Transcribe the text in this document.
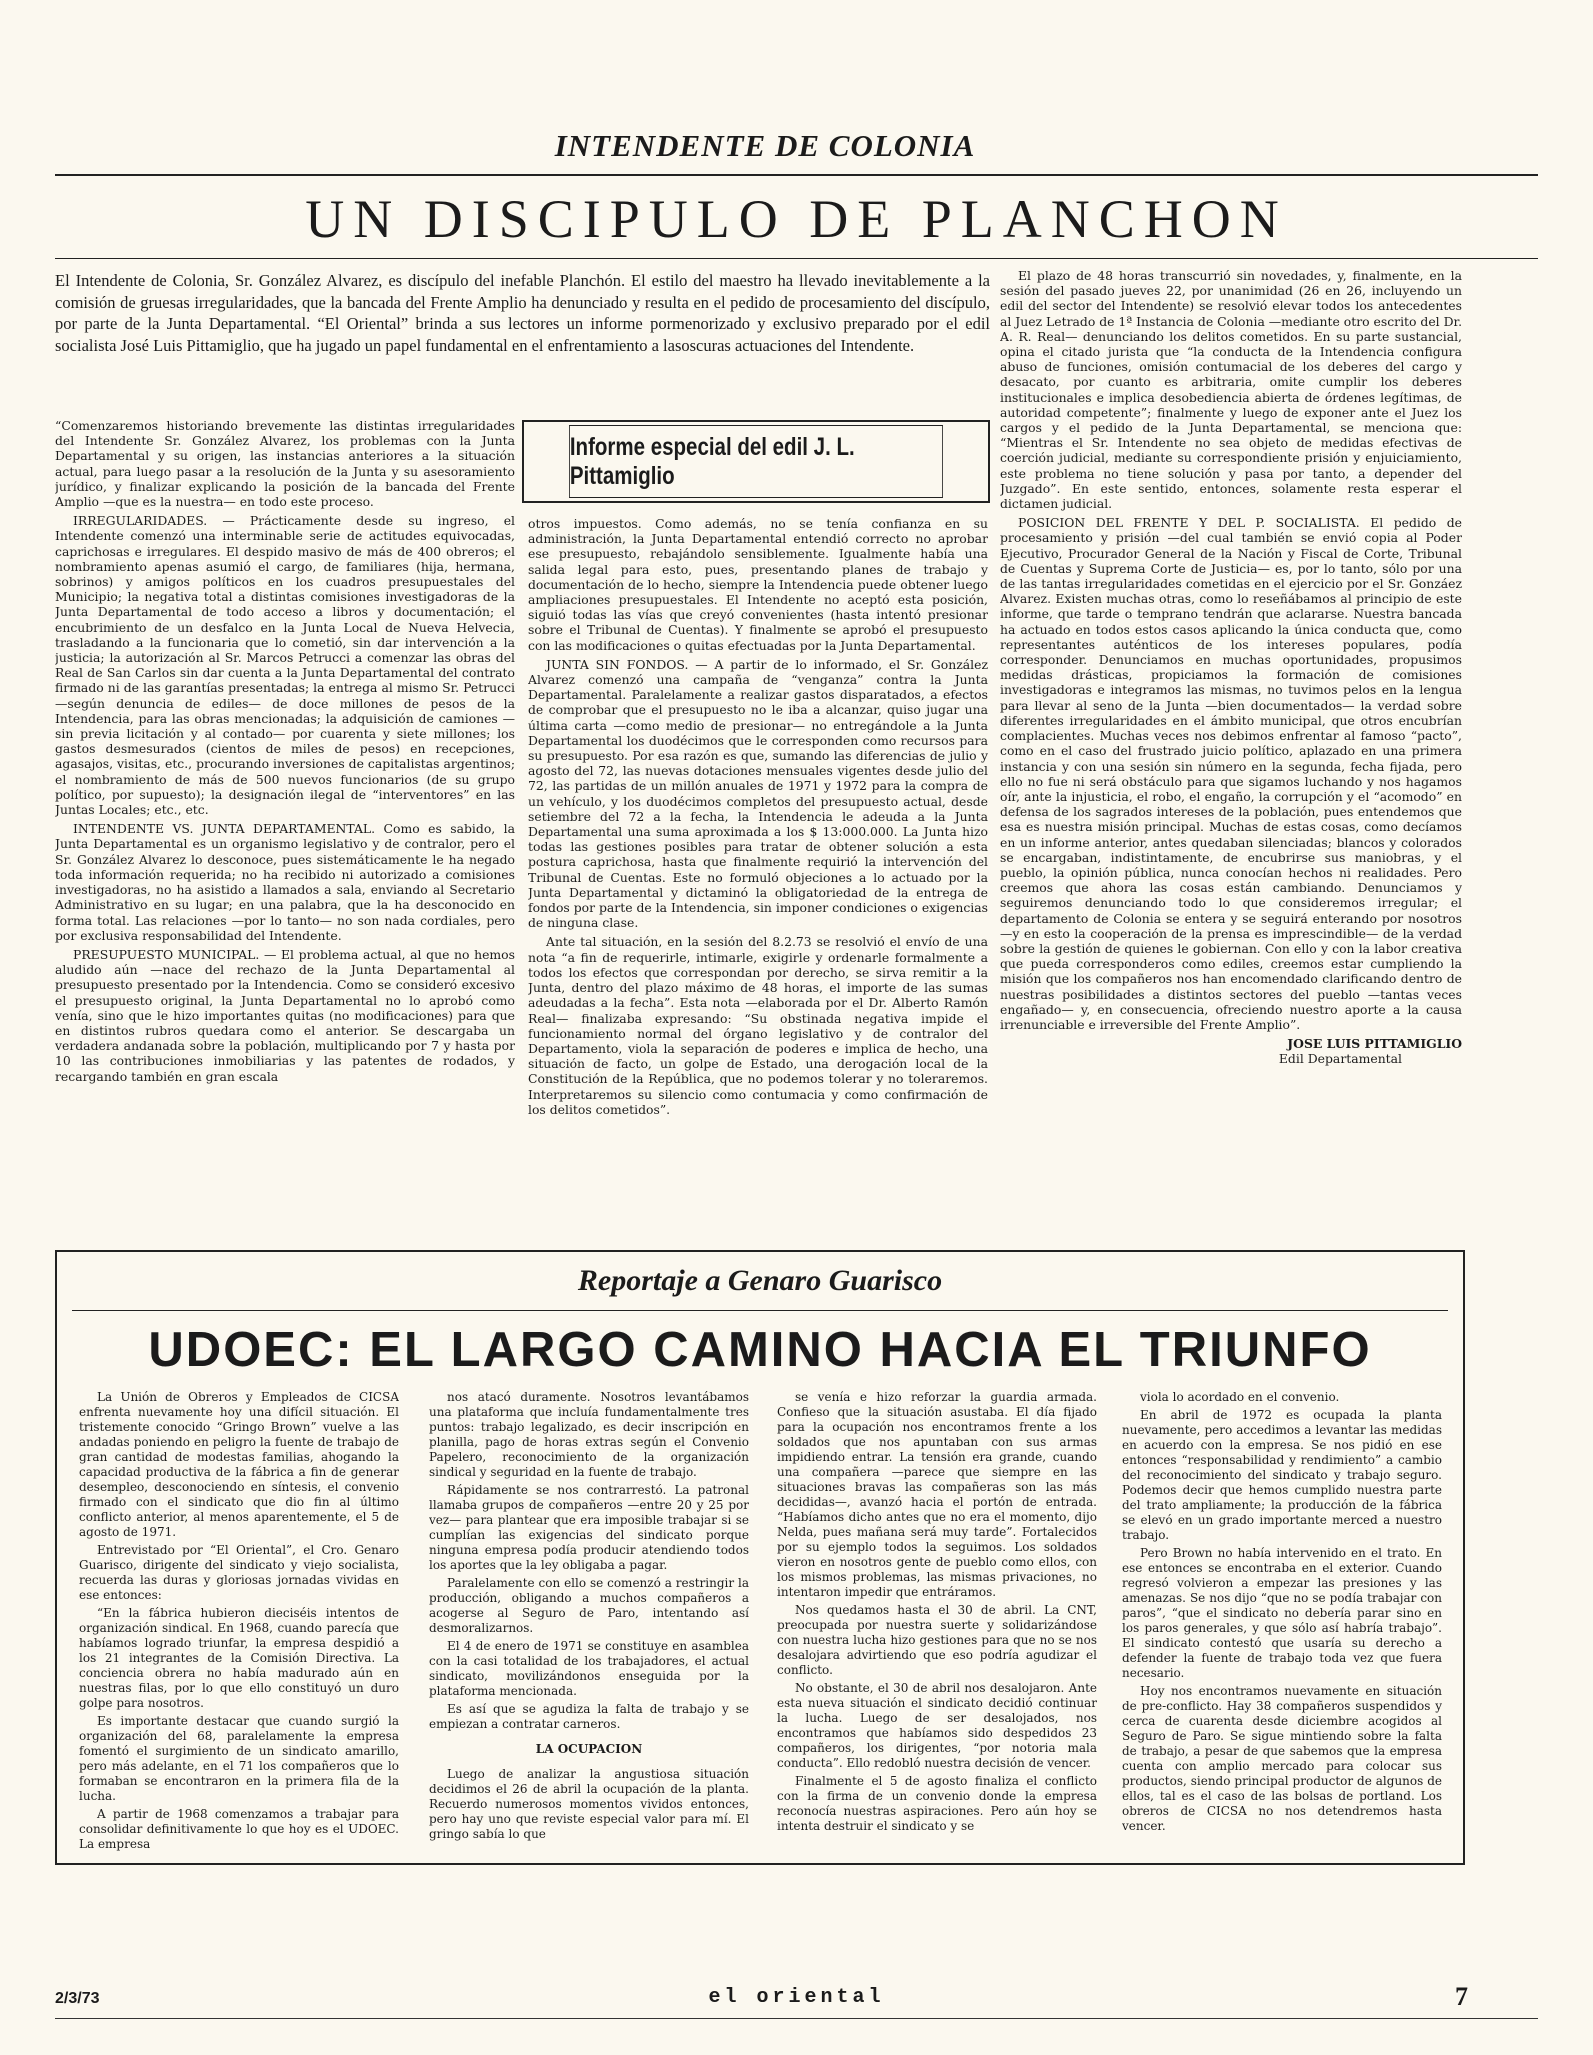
INTENDENTE DE COLONIA
UN DISCIPULO DE PLANCHON
El Intendente de Colonia, Sr. González Alvarez, es discípulo del inefable Planchón. El estilo del maestro ha llevado inevitablemente a la comisión de gruesas irregularidades, que la bancada del Frente Amplio ha denunciado y resulta en el pedido de procesamiento del discípulo, por parte de la Junta Departamental. “El Oriental” brinda a sus lectores un informe pormenorizado y exclusivo preparado por el edil socialista José Luis Pittamiglio, que ha jugado un papel fundamental en el enfrentamiento a lasoscuras actuaciones del Intendente.
Informe especial del edil J. L. Pittamiglio

“Comenzaremos historiando brevemente las distintas irregularidades del Intendente Sr. González Alvarez, los problemas con la Junta Departamental y su origen, las instancias anteriores a la situación actual, para luego pasar a la resolución de la Junta y su asesoramiento jurídico, y finalizar explicando la posición de la bancada del Frente Amplio —que es la nuestra— en todo este proceso.

IRREGULARIDADES. — Prácticamente desde su ingreso, el Intendente comenzó una interminable serie de actitudes equivocadas, caprichosas e irregulares. El despido masivo de más de 400 obreros; el nombramiento apenas asumió el cargo, de familiares (hija, hermana, sobrinos) y amigos políticos en los cuadros presupuestales del Municipio; la negativa total a distintas comisiones investigadoras de la Junta Departamental de todo acceso a libros y documentación; el encubrimiento de un desfalco en la Junta Local de Nueva Helvecia, trasladando a la funcionaria que lo cometió, sin dar intervención a la justicia; la autorización al Sr. Marcos Petrucci a comenzar las obras del Real de San Carlos sin dar cuenta a la Junta Departamental del contrato firmado ni de las garantías presentadas; la entrega al mismo Sr. Petrucci —según denuncia de ediles— de doce millones de pesos de la Intendencia, para las obras mencionadas; la adquisición de camiones —sin previa licitación y al contado— por cuarenta y siete millones; los gastos desmesurados (cientos de miles de pesos) en recepciones, agasajos, visitas, etc., procurando inversiones de capitalistas argentinos; el nombramiento de más de 500 nuevos funcionarios (de su grupo político, por supuesto); la designación ilegal de “interventores” en las Juntas Locales; etc., etc.

INTENDENTE VS. JUNTA DEPARTAMENTAL. Como es sabido, la Junta Departamental es un organismo legislativo y de contralor, pero el Sr. González Alvarez lo desconoce, pues sistemáticamente le ha negado toda información requerida; no ha recibido ni autorizado a comisiones investigadoras, no ha asistido a llamados a sala, enviando al Secretario Administrativo en su lugar; en una palabra, que la ha desconocido en forma total. Las relaciones —por lo tanto— no son nada cordiales, pero por exclusiva responsabilidad del Intendente.

PRESUPUESTO MUNICIPAL. — El problema actual, al que no hemos aludido aún —nace del rechazo de la Junta Departamental al presupuesto presentado por la Intendencia. Como se consideró excesivo el presupuesto original, la Junta Departamental no lo aprobó como venía, sino que le hizo importantes quitas (no modificaciones) para que en distintos rubros quedara como el anterior. Se descargaba un verdadera andanada sobre la población, multiplicando por 7 y hasta por 10 las contribuciones inmobiliarias y las patentes de rodados, y recargando también en gran escala

otros impuestos. Como además, no se tenía confianza en su administración, la Junta Departamental entendió correcto no aprobar ese presupuesto, rebajándolo sensiblemente. Igualmente había una salida legal para esto, pues, presentando planes de trabajo y documentación de lo hecho, siempre la Intendencia puede obtener luego ampliaciones presupuestales. El Intendente no aceptó esta posición, siguió todas las vías que creyó convenientes (hasta intentó presionar sobre el Tribunal de Cuentas). Y finalmente se aprobó el presupuesto con las modificaciones o quitas efectuadas por la Junta Departamental.

JUNTA SIN FONDOS. — A partir de lo informado, el Sr. González Alvarez comenzó una campaña de “venganza” contra la Junta Departamental. Paralelamente a realizar gastos disparatados, a efectos de comprobar que el presupuesto no le iba a alcanzar, quiso jugar una última carta —como medio de presionar— no entregándole a la Junta Departamental los duodécimos que le corresponden como recursos para su presupuesto. Por esa razón es que, sumando las diferencias de julio y agosto del 72, las nuevas dotaciones mensuales vigentes desde julio del 72, las partidas de un millón anuales de 1971 y 1972 para la compra de un vehículo, y los duodécimos completos del presupuesto actual, desde setiembre del 72 a la fecha, la Intendencia le adeuda a la Junta Departamental una suma aproximada a los $ 13:000.000. La Junta hizo todas las gestiones posibles para tratar de obtener solución a esta postura caprichosa, hasta que finalmente requirió la intervención del Tribunal de Cuentas. Este no formuló objeciones a lo actuado por la Junta Departamental y dictaminó la obligatoriedad de la entrega de fondos por parte de la Intendencia, sin imponer condiciones o exigencias de ninguna clase.

Ante tal situación, en la sesión del 8.2.73 se resolvió el envío de una nota “a fin de requerirle, intimarle, exigirle y ordenarle formalmente a todos los efectos que correspondan por derecho, se sirva remitir a la Junta, dentro del plazo máximo de 48 horas, el importe de las sumas adeudadas a la fecha”. Esta nota —elaborada por el Dr. Alberto Ramón Real— finalizaba expresando: “Su obstinada negativa impide el funcionamiento normal del órgano legislativo y de contralor del Departamento, viola la separación de poderes e implica de hecho, una situación de facto, un golpe de Estado, una derogación local de la Constitución de la República, que no podemos tolerar y no toleraremos. Interpretaremos su silencio como contumacia y como confirmación de los delitos cometidos”.

El plazo de 48 horas transcurrió sin novedades, y, finalmente, en la sesión del pasado jueves 22, por unanimidad (26 en 26, incluyendo un edil del sector del Intendente) se resolvió elevar todos los antecedentes al Juez Letrado de 1ª Instancia de Colonia —mediante otro escrito del Dr. A. R. Real— denunciando los delitos cometidos. En su parte sustancial, opina el citado jurista que “la conducta de la Intendencia configura abuso de funciones, omisión contumacial de los deberes del cargo y desacato, por cuanto es arbitraria, omite cumplir los deberes institucionales e implica desobediencia abierta de órdenes legítimas, de autoridad competente”; finalmente y luego de exponer ante el Juez los cargos y el pedido de la Junta Departamental, se menciona que: “Mientras el Sr. Intendente no sea objeto de medidas efectivas de coerción judicial, mediante su correspondiente prisión y enjuiciamiento, este problema no tiene solución y pasa por tanto, a depender del Juzgado”. En este sentido, entonces, solamente resta esperar el dictamen judicial.

POSICION DEL FRENTE Y DEL P. SOCIALISTA. El pedido de procesamiento y prisión —del cual también se envió copia al Poder Ejecutivo, Procurador General de la Nación y Fiscal de Corte, Tribunal de Cuentas y Suprema Corte de Justicia— es, por lo tanto, sólo por una de las tantas irregularidades cometidas en el ejercicio por el Sr. Gonzáez Alvarez. Existen muchas otras, como lo reseñábamos al principio de este informe, que tarde o temprano tendrán que aclararse. Nuestra bancada ha actuado en todos estos casos aplicando la única conducta que, como representantes auténticos de los intereses populares, podía corresponder. Denunciamos en muchas oportunidades, propusimos medidas drásticas, propiciamos la formación de comisiones investigadoras e integramos las mismas, no tuvimos pelos en la lengua para llevar al seno de la Junta —bien documentados— la verdad sobre diferentes irregularidades en el ámbito municipal, que otros encubrían complacientes. Muchas veces nos debimos enfrentar al famoso “pacto”, como en el caso del frustrado juicio político, aplazado en una primera instancia y con una sesión sin número en la segunda, fecha fijada, pero ello no fue ni será obstáculo para que sigamos luchando y nos hagamos oír, ante la injusticia, el robo, el engaño, la corrupción y el “acomodo” en defensa de los sagrados intereses de la población, pues entendemos que esa es nuestra misión principal. Muchas de estas cosas, como decíamos en un informe anterior, antes quedaban silenciadas; blancos y colorados se encargaban, indistintamente, de encubrirse sus maniobras, y el pueblo, la opinión pública, nunca conocían hechos ni realidades. Pero creemos que ahora las cosas están cambiando. Denunciamos y seguiremos denunciando todo lo que consideremos irregular; el departamento de Colonia se entera y se seguirá enterando por nosotros —y en esto la cooperación de la prensa es imprescindible— de la verdad sobre la gestión de quienes le gobiernan. Con ello y con la labor creativa que pueda corresponderos como ediles, creemos estar cumpliendo la misión que los compañeros nos han encomendado clarificando dentro de nuestras posibilidades a distintos sectores del pueblo —tantas veces engañado— y, en consecuencia, ofreciendo nuestro aporte a la causa irrenunciable e irreversible del Frente Amplio”.

JOSE LUIS PITTAMIGLIO

Edil Departamental

Reportaje a Genaro Guarisco
UDOEC: EL LARGO CAMINO HACIA EL TRIUNFO

La Unión de Obreros y Empleados de CICSA enfrenta nuevamente hoy una difícil situación. El tristemente conocido “Gringo Brown” vuelve a las andadas poniendo en peligro la fuente de trabajo de gran cantidad de modestas familias, ahogando la capacidad productiva de la fábrica a fin de generar desempleo, desconociendo en síntesis, el convenio firmado con el sindicato que dio fin al último conflicto anterior, al menos aparentemente, el 5 de agosto de 1971.

Entrevistado por “El Oriental”, el Cro. Genaro Guarisco, dirigente del sindicato y viejo socialista, recuerda las duras y gloriosas jornadas vividas en ese entonces:

“En la fábrica hubieron dieciséis intentos de organización sindical. En 1968, cuando parecía que habíamos logrado triunfar, la empresa despidió a los 21 integrantes de la Comisión Directiva. La conciencia obrera no había madurado aún en nuestras filas, por lo que ello constituyó un duro golpe para nosotros.

Es importante destacar que cuando surgió la organización del 68, paralelamente la empresa fomentó el surgimiento de un sindicato amarillo, pero más adelante, en el 71 los compañeros que lo formaban se encontraron en la primera fila de la lucha.

A partir de 1968 comenzamos a trabajar para consolidar definitivamente lo que hoy es el UDOEC. La empresa

nos atacó duramente. Nosotros levantábamos una plataforma que incluía fundamentalmente tres puntos: trabajo legalizado, es decir inscripción en planilla, pago de horas extras según el Convenio Papelero, reconocimiento de la organización sindical y seguridad en la fuente de trabajo.

Rápidamente se nos contrarrestó. La patronal llamaba grupos de compañeros —entre 20 y 25 por vez— para plantear que era imposible trabajar si se cumplían las exigencias del sindicato porque ninguna empresa podía producir atendiendo todos los aportes que la ley obligaba a pagar.

Paralelamente con ello se comenzó a restringir la producción, obligando a muchos compañeros a acogerse al Seguro de Paro, intentando así desmoralizarnos.

El 4 de enero de 1971 se constituye en asamblea con la casi totalidad de los trabajadores, el actual sindicato, movilizándonos enseguida por la plataforma mencionada.

Es así que se agudiza la falta de trabajo y se empiezan a contratar carneros.

LA OCUPACION

Luego de analizar la angustiosa situación decidimos el 26 de abril la ocupación de la planta. Recuerdo numerosos momentos vividos entonces, pero hay uno que reviste especial valor para mí. El gringo sabía lo que

se venía e hizo reforzar la guardia armada. Confieso que la situación asustaba. El día fijado para la ocupación nos encontramos frente a los soldados que nos apuntaban con sus armas impidiendo entrar. La tensión era grande, cuando una compañera —parece que siempre en las situaciones bravas las compañeras son las más decididas—, avanzó hacia el portón de entrada. “Habíamos dicho antes que no era el momento, dijo Nelda, pues mañana será muy tarde”. Fortalecidos por su ejemplo todos la seguimos. Los soldados vieron en nosotros gente de pueblo como ellos, con los mismos problemas, las mismas privaciones, no intentaron impedir que entráramos.

Nos quedamos hasta el 30 de abril. La CNT, preocupada por nuestra suerte y solidarizándose con nuestra lucha hizo gestiones para que no se nos desalojara advirtiendo que eso podría agudizar el conflicto.

No obstante, el 30 de abril nos desalojaron. Ante esta nueva situación el sindicato decidió continuar la lucha. Luego de ser desalojados, nos encontramos que habíamos sido despedidos 23 compañeros, los dirigentes, “por notoria mala conducta”. Ello redobló nuestra decisión de vencer.

Finalmente el 5 de agosto finaliza el conflicto con la firma de un convenio donde la empresa reconocía nuestras aspiraciones. Pero aún hoy se intenta destruir el sindicato y se

viola lo acordado en el convenio.

En abril de 1972 es ocupada la planta nuevamente, pero accedimos a levantar las medidas en acuerdo con la empresa. Se nos pidió en ese entonces “responsabilidad y rendimiento” a cambio del reconocimiento del sindicato y trabajo seguro. Podemos decir que hemos cumplido nuestra parte del trato ampliamente; la producción de la fábrica se elevó en un grado importante merced a nuestro trabajo.

Pero Brown no había intervenido en el trato. En ese entonces se encontraba en el exterior. Cuando regresó volvieron a empezar las presiones y las amenazas. Se nos dijo “que no se podía trabajar con paros”, “que el sindicato no debería parar sino en los paros generales, y que sólo así habría trabajo”. El sindicato contestó que usaría su derecho a defender la fuente de trabajo toda vez que fuera necesario.

Hoy nos encontramos nuevamente en situación de pre-conflicto. Hay 38 compañeros suspendidos y cerca de cuarenta desde diciembre acogidos al Seguro de Paro. Se sigue mintiendo sobre la falta de trabajo, a pesar de que sabemos que la empresa cuenta con amplio mercado para colocar sus productos, siendo principal productor de algunos de ellos, tal es el caso de las bolsas de portland. Los obreros de CICSA no nos detendremos hasta vencer.

2/3/73	el oriental	7
